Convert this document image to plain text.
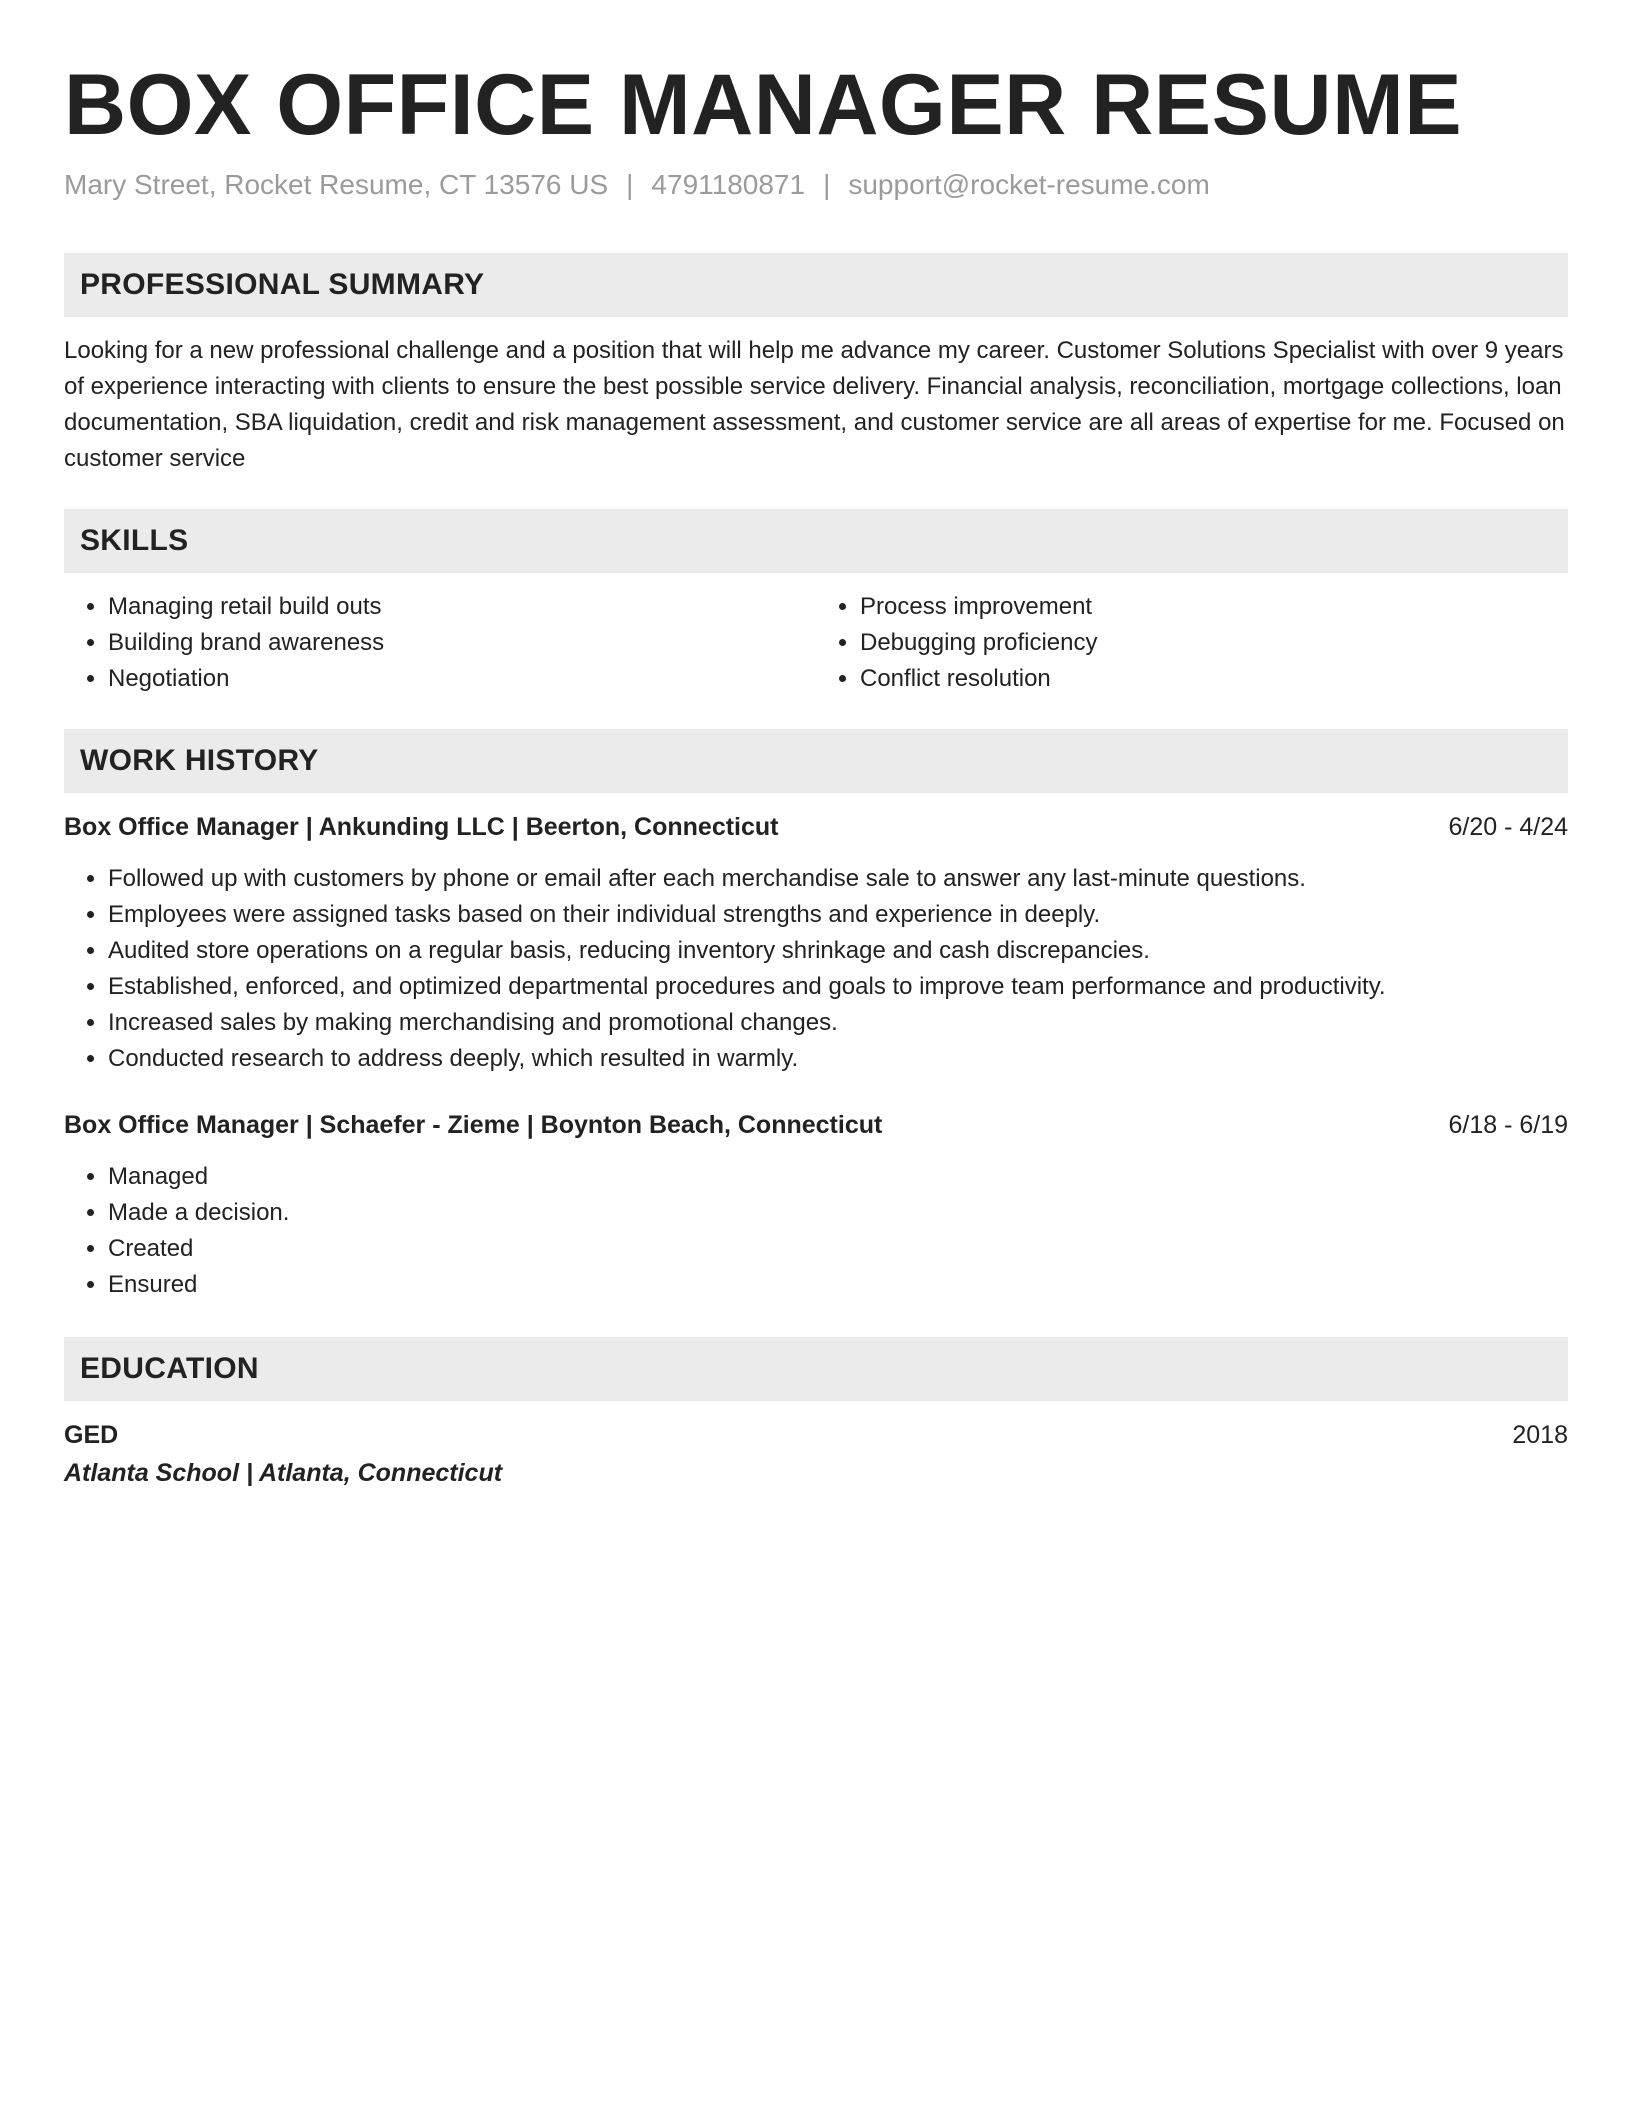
BOX OFFICE MANAGER RESUME
Mary Street, Rocket Resume, CT 13576 US | 4791180871 | support@rocket-resume.com
PROFESSIONAL SUMMARY
Looking for a new professional challenge and a position that will help me advance my career. Customer Solutions Specialist with over 9 years of experience interacting with clients to ensure the best possible service delivery. Financial analysis, reconciliation, mortgage collections, loan documentation, SBA liquidation, credit and risk management assessment, and customer service are all areas of expertise for me. Focused on customer service
SKILLS
• Managing retail build outs
• Building brand awareness
• Negotiation
• Process improvement
• Debugging proficiency
• Conflict resolution
WORK HISTORY
Box Office Manager | Ankunding LLC | Beerton, Connecticut	6/20 - 4/24
• Followed up with customers by phone or email after each merchandise sale to answer any last-minute questions.
• Employees were assigned tasks based on their individual strengths and experience in deeply.
• Audited store operations on a regular basis, reducing inventory shrinkage and cash discrepancies.
• Established, enforced, and optimized departmental procedures and goals to improve team performance and productivity.
• Increased sales by making merchandising and promotional changes.
• Conducted research to address deeply, which resulted in warmly.
Box Office Manager | Schaefer - Zieme | Boynton Beach, Connecticut	6/18 - 6/19
• Managed
• Made a decision.
• Created
• Ensured
EDUCATION
GED	2018
Atlanta School | Atlanta, Connecticut
